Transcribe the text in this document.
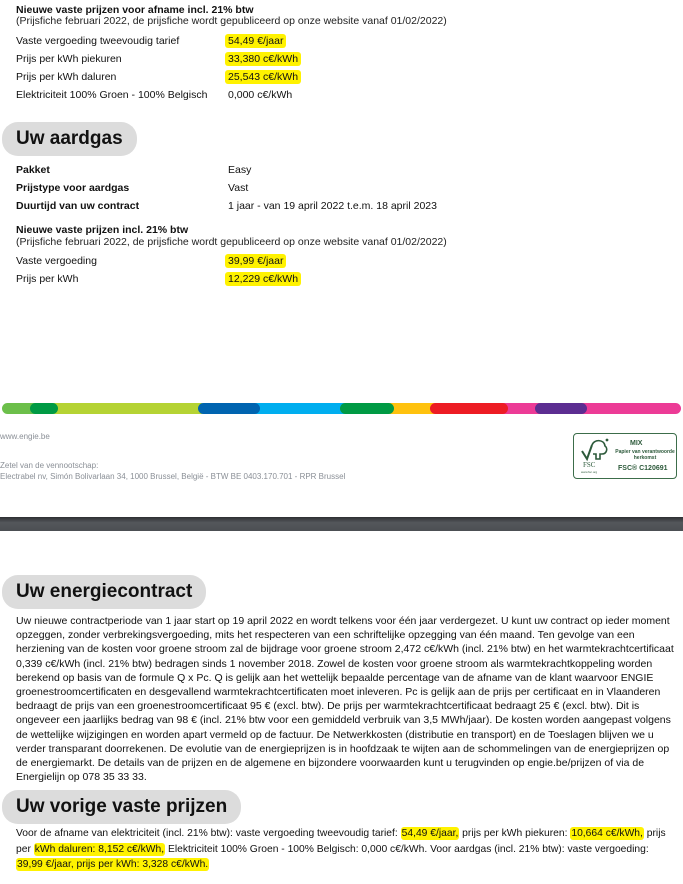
Nieuwe vaste prijzen voor afname incl. 21% btw
(Prijsfiche februari 2022, de prijsfiche wordt gepubliceerd op onze website vanaf 01/02/2022)
Vaste vergoeding tweevoudig tarief	54,49 €/jaar
Prijs per kWh piekuren	33,380 c€/kWh
Prijs per kWh daluren	25,543 c€/kWh
Elektriciteit 100% Groen - 100% Belgisch 0,000 c€/kWh
Uw aardgas
Pakket	Easy
Prijstype voor aardgas	Vast
Duurtijd van uw contract	1 jaar - van 19 april 2022 t.e.m. 18 april 2023
Nieuwe vaste prijzen incl. 21% btw
(Prijsfiche februari 2022, de prijsfiche wordt gepubliceerd op onze website vanaf 01/02/2022)
Vaste vergoeding	39,99 €/jaar
Prijs per kWh	12,229 c€/kWh
www.engie.be
Zetel van de vennootschap:
Electrabel nv, Simón Bolivarlaan 34, 1000 Brussel, België - BTW BE 0403.170.701 - RPR Brussel
FSC
www.fsc.org
MIX
Papier van verantwoorde herkomst
FSC® C120691
Uw energiecontract
Uw nieuwe contractperiode van 1 jaar start op 19 april 2022 en wordt telkens voor één jaar verdergezet. U kunt uw contract op ieder moment opzeggen, zonder verbrekingsvergoeding, mits het respecteren van een schriftelijke opzegging van één maand. Ten gevolge van een herziening van de kosten voor groene stroom zal de bijdrage voor groene stroom 2,472 c€/kWh (incl. 21% btw) en het warmtekrachtcertificaat 0,339 c€/kWh (incl. 21% btw) bedragen sinds 1 november 2018. Zowel de kosten voor groene stroom als warmtekrachtkoppeling worden berekend op basis van de formule Q x Pc. Q is gelijk aan het wettelijk bepaalde percentage van de afname van de klant waarvoor ENGIE groenestroomcertificaten en desgevallend warmtekrachtcertificaten moet inleveren. Pc is gelijk aan de prijs per certificaat en in Vlaanderen bedraagt de prijs van een groenestroomcertificaat 95 € (excl. btw). De prijs per warmtekrachtcertificaat bedraagt 25 € (excl. btw). Dit is ongeveer een jaarlijks bedrag van 98 € (incl. 21% btw voor een gemiddeld verbruik van 3,5 MWh/jaar). De kosten worden aangepast volgens de wettelijke wijzigingen en worden apart vermeld op de factuur. De Netwerkkosten (distributie en transport) en de Toeslagen blijven we u verder transparant doorrekenen. De evolutie van de energieprijzen is in hoofdzaak te wijten aan de schommelingen van de energieprijzen op de energiemarkt. De details van de prijzen en de algemene en bijzondere voorwaarden kunt u terugvinden op engie.be/prijzen of via de Energielijn op 078 35 33 33.
Uw vorige vaste prijzen
Voor de afname van elektriciteit (incl. 21% btw): vaste vergoeding tweevoudig tarief: 54,49 €/jaar, prijs per kWh piekuren: 10,664 c€/kWh, prijs per kWh daluren: 8,152 c€/kWh, Elektriciteit 100% Groen - 100% Belgisch: 0,000 c€/kWh. Voor aardgas (incl. 21% btw): vaste vergoeding: 39,99 €/jaar, prijs per kWh: 3,328 c€/kWh.
